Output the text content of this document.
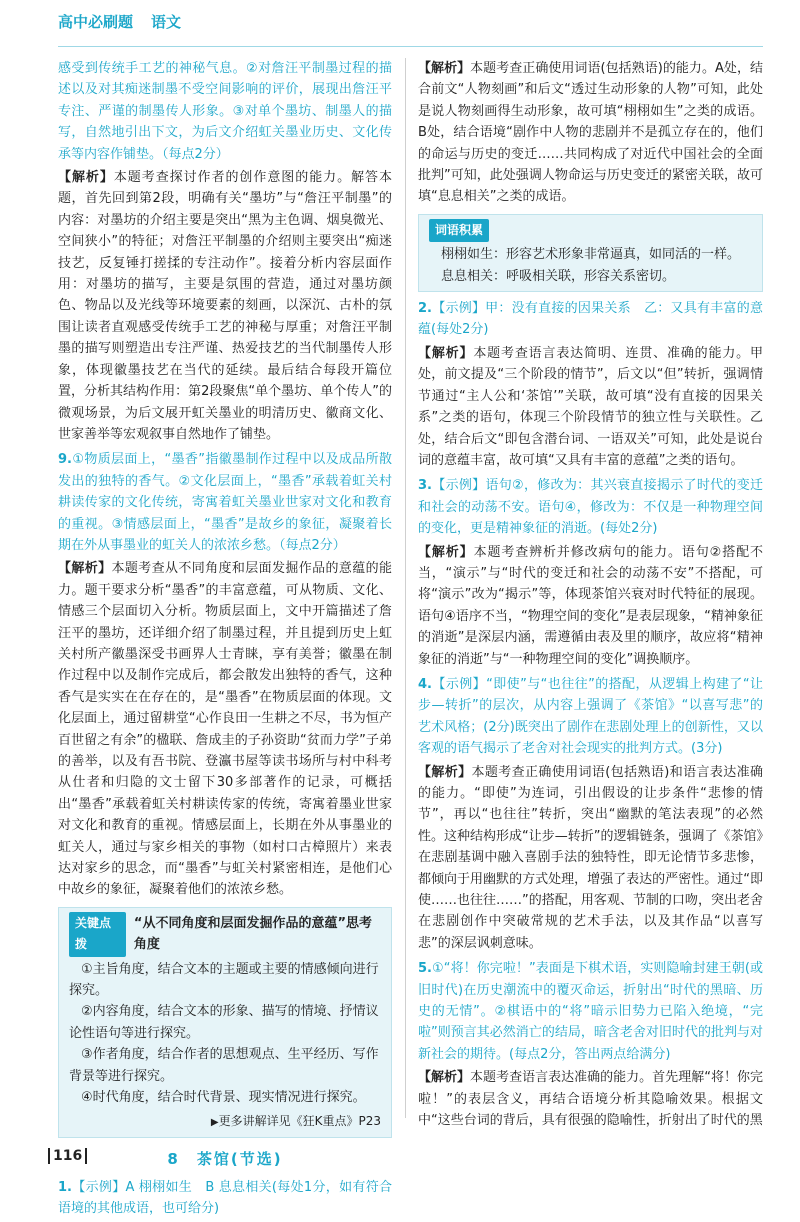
高中必刷题 语文

感受到传统手工艺的神秘气息。②对詹汪平制墨过程的描述以及对其痴迷制墨不受空间影响的评价，展现出詹汪平专注、严谨的制墨传人形象。③对单个墨坊、制墨人的描写，自然地引出下文，为后文介绍虹关墨业历史、文化传承等内容作铺垫。（每点2分）

【解析】本题考查探讨作者的创作意图的能力。解答本题，首先回到第2段，明确有关“墨坊”与“詹汪平制墨”的内容：对墨坊的介绍主要是突出“黑为主色调、烟臭微光、空间狭小”的特征；对詹汪平制墨的介绍则主要突出“痴迷技艺，反复锤打搓揉的专注动作”。接着分析内容层面作用：对墨坊的描写，主要是氛围的营造，通过对墨坊颜色、物品以及光线等环境要素的刻画，以深沉、古朴的氛围让读者直观感受传统手工艺的神秘与厚重；对詹汪平制墨的描写则塑造出专注严谨、热爱技艺的当代制墨传人形象，体现徽墨技艺在当代的延续。最后结合每段开篇位置，分析其结构作用：第2段聚焦“单个墨坊、单个传人”的微观场景，为后文展开虹关墨业的明清历史、徽商文化、世家善举等宏观叙事自然地作了铺垫。

9.①物质层面上，“墨香”指徽墨制作过程中以及成品所散发出的独特的香气。②文化层面上，“墨香”承载着虹关村耕读传家的文化传统，寄寓着虹关墨业世家对文化和教育的重视。③情感层面上，“墨香”是故乡的象征，凝聚着长期在外从事墨业的虹关人的浓浓乡愁。（每点2分）

【解析】本题考查从不同角度和层面发掘作品的意蕴的能力。题干要求分析“墨香”的丰富意蕴，可从物质、文化、情感三个层面切入分析。物质层面上，文中开篇描述了詹汪平的墨坊，还详细介绍了制墨过程，并且提到历史上虹关村所产徽墨深受书画界人士青睐，享有美誉；徽墨在制作过程中以及制作完成后，都会散发出独特的香气，这种香气是实实在在存在的，是“墨香”在物质层面的体现。文化层面上，通过留耕堂“心作良田一生耕之不尽，书为恒产百世留之有余”的楹联、詹成圭的子孙资助“贫而力学”子弟的善举，以及有吾书院、登瀛书屋等读书场所与村中科考从仕者和归隐的文士留下30多部著作的记录，可概括出“墨香”承载着虹关村耕读传家的传统，寄寓着墨业世家对文化和教育的重视。情感层面上，长期在外从事墨业的虹关人，通过与家乡相关的事物（如村口古樟照片）来表达对家乡的思念，而“墨香”与虹关村紧密相连，是他们心中故乡的象征，凝聚着他们的浓浓乡愁。

关键点拨
“从不同角度和层面发掘作品的意蕴”思考角度

①主旨角度，结合文本的主题或主要的情感倾向进行探究。

②内容角度，结合文本的形象、描写的情境、抒情议论性语句等进行探究。

③作者角度，结合作者的思想观点、生平经历、写作背景等进行探究。

④时代角度，结合时代背景、现实情况进行探究。

▶更多讲解详见《狂K重点》P23
8　 茶馆(节选)

1.【示例】A 栩栩如生　B 息息相关(每处1分，如有符合语境的其他成语，也可给分)

【解析】本题考查正确使用词语(包括熟语)的能力。A处，结合前文“人物刻画”和后文“透过生动形象的人物”可知，此处是说人物刻画得生动形象，故可填“栩栩如生”之类的成语。B处，结合语境“剧作中人物的悲剧并不是孤立存在的，他们的命运与历史的变迁……共同构成了对近代中国社会的全面批判”可知，此处强调人物命运与历史变迁的紧密关联，故可填“息息相关”之类的成语。

词语积累

栩栩如生：形容艺术形象非常逼真，如同活的一样。

息息相关：呼吸相关联，形容关系密切。

2.【示例】甲：没有直接的因果关系　乙：又具有丰富的意蕴(每处2分)

【解析】本题考查语言表达简明、连贯、准确的能力。甲处，前文提及“三个阶段的情节”，后文以“但”转折，强调情节通过“主人公和‘茶馆’”关联，故可填“没有直接的因果关系”之类的语句，体现三个阶段情节的独立性与关联性。乙处，结合后文“即包含潜台词、一语双关”可知，此处是说台词的意蕴丰富，故可填“又具有丰富的意蕴”之类的语句。

3.【示例】语句②，修改为：其兴衰直接揭示了时代的变迁和社会的动荡不安。语句④，修改为：不仅是一种物理空间的变化，更是精神象征的消逝。(每处2分)

【解析】本题考查辨析并修改病句的能力。语句②搭配不当，“演示”与“时代的变迁和社会的动荡不安”不搭配，可将“演示”改为“揭示”等，体现茶馆兴衰对时代特征的展现。语句④语序不当，“物理空间的变化”是表层现象，“精神象征的消逝”是深层内涵，需遵循由表及里的顺序，故应将“精神象征的消逝”与“一种物理空间的变化”调换顺序。

4.【示例】“即使”与“也往往”的搭配，从逻辑上构建了“让步—转折”的层次，从内容上强调了《茶馆》“以喜写悲”的艺术风格；(2分)既突出了剧作在悲剧处理上的创新性，又以客观的语气揭示了老舍对社会现实的批判方式。(3分)

【解析】本题考查正确使用词语(包括熟语)和语言表达准确的能力。“即使”为连词，引出假设的让步条件“悲惨的情节”，再以“也往往”转折，突出“幽默的笔法表现”的必然性。这种结构形成“让步—转折”的逻辑链条，强调了《茶馆》在悲剧基调中融入喜剧手法的独特性，即无论情节多悲惨，都倾向于用幽默的方式处理，增强了表达的严密性。通过“即使……也往往……”的搭配，用客观、节制的口吻，突出老舍在悲剧创作中突破常规的艺术手法，以及其作品“以喜写悲”的深层讽刺意味。

5.①“将！你完啦！”表面是下棋术语，实则隐喻封建王朝(或旧时代)在历史潮流中的覆灭命运，折射出“时代的黑暗、历史的无情”。②棋语中的“将”暗示旧势力已陷入绝境，“完啦”则预言其必然消亡的结局，暗含老舍对旧时代的批判与对新社会的期待。(每点2分，答出两点给满分)

【解析】本题考查语言表达准确的能力。首先理解“将！你完啦！”的表层含义，再结合语境分析其隐喻效果。根据文中“这些台词的背后，具有很强的隐喻性，折射出了时代的黑

116
